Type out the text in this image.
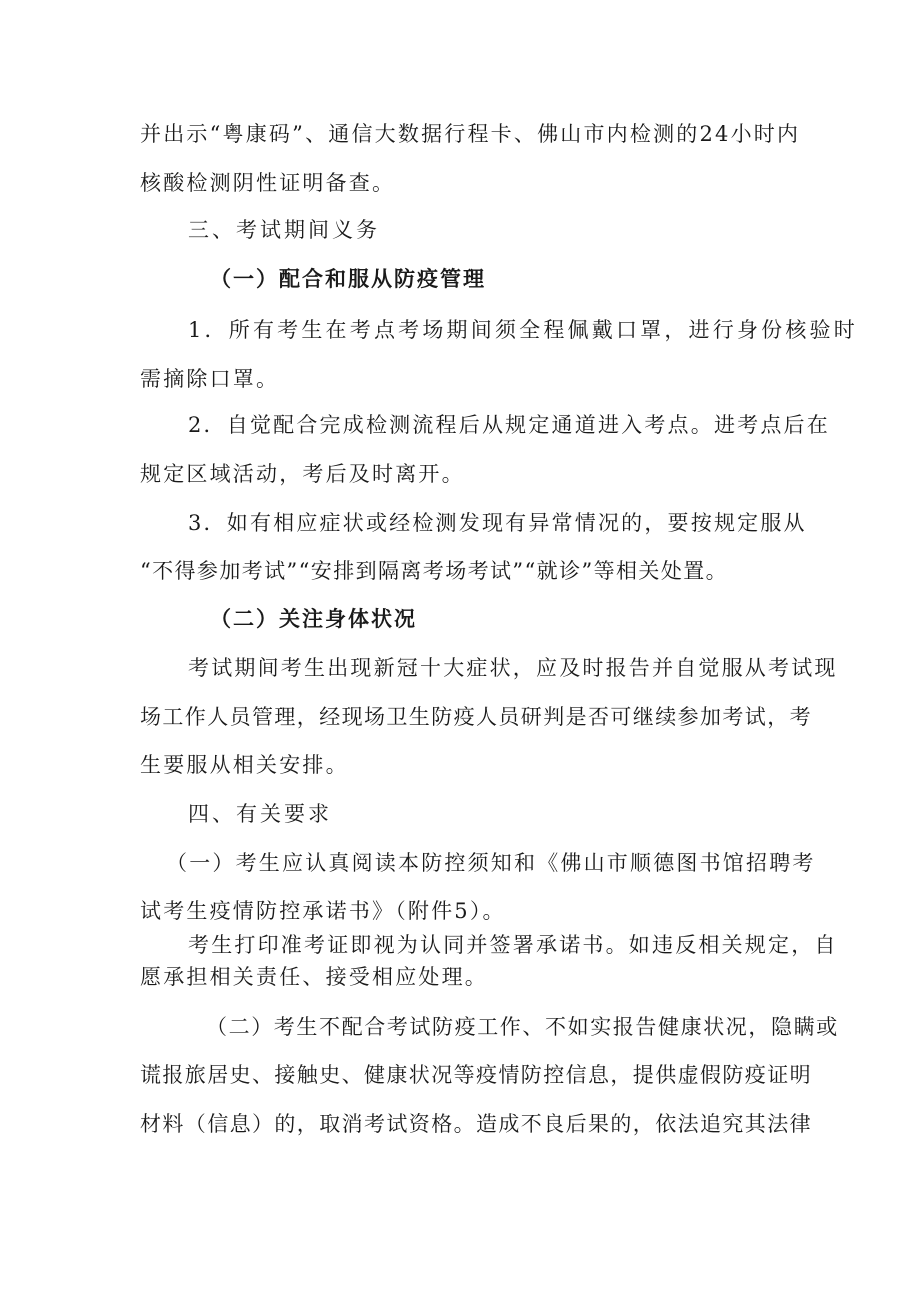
并出示“粤康码”、通信大数据行程卡、佛山市内检测的24小时内
核酸检测阴性证明备查。
三、考试期间义务
（一）配合和服从防疫管理
1．所有考生在考点考场期间须全程佩戴口罩，进行身份核验时
需摘除口罩。
2．自觉配合完成检测流程后从规定通道进入考点。进考点后在
规定区域活动，考后及时离开。
3．如有相应症状或经检测发现有异常情况的，要按规定服从
“不得参加考试”“安排到隔离考场考试”“就诊”等相关处置。
（二）关注身体状况
考试期间考生出现新冠十大症状，应及时报告并自觉服从考试现
场工作人员管理，经现场卫生防疫人员研判是否可继续参加考试，考
生要服从相关安排。
四、有关要求
（一）考生应认真阅读本防控须知和《佛山市顺德图书馆招聘考
试考生疫情防控承诺书》（附件5）。
考生打印准考证即视为认同并签署承诺书。如违反相关规定，自
愿承担相关责任、接受相应处理。
（二）考生不配合考试防疫工作、不如实报告健康状况，隐瞒或
谎报旅居史、接触史、健康状况等疫情防控信息，提供虚假防疫证明
材料（信息）的，取消考试资格。造成不良后果的，依法追究其法律
